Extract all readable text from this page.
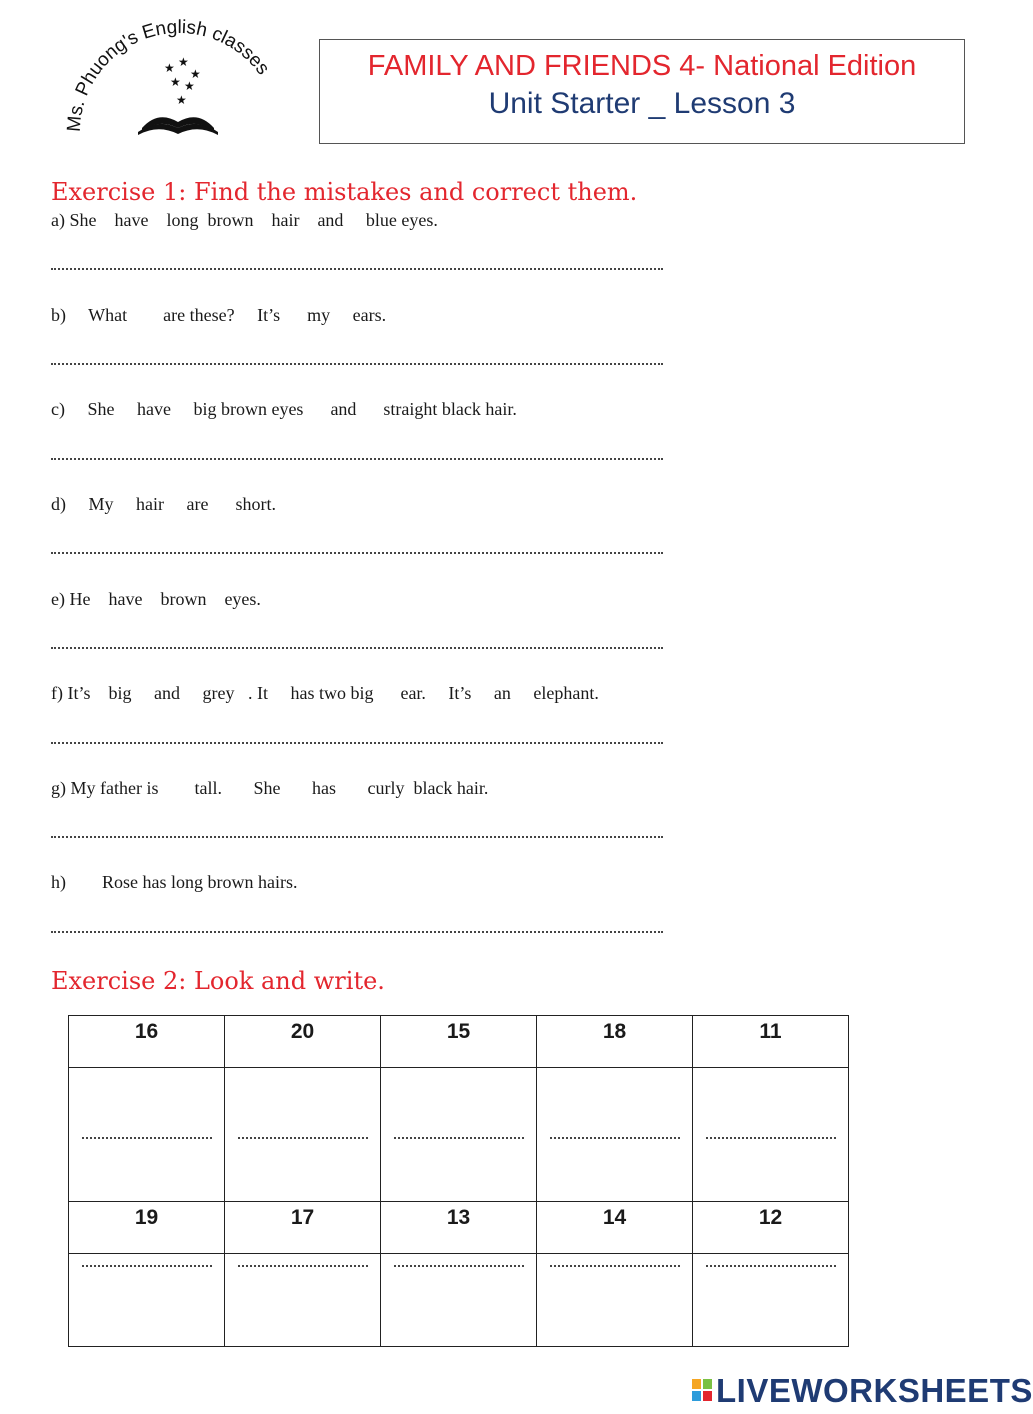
Ms. Phuong's English classes
★ ★
★ ★
★
★	FAMILY AND FRIENDS 4- National Edition
Unit Starter _ Lesson 3
Exercise 1: Find the mistakes and correct them.
a) She    have    long  brown    hair    and     blue eyes.
b)     What        are these?     It’s      my     ears.
c)     She     have     big brown eyes      and      straight black hair.
d)     My     hair     are      short.
e) He    have    brown    eyes.
f) It’s    big     and     grey   . It     has two big      ear.     It’s     an     elephant.
g) My father is        tall.       She       has       curly  black hair.
h)        Rose has long brown hairs.
Exercise 2: Look and write.
16	20	15	18	11

19	17	13	14	12

LIVEWORKSHEETS
